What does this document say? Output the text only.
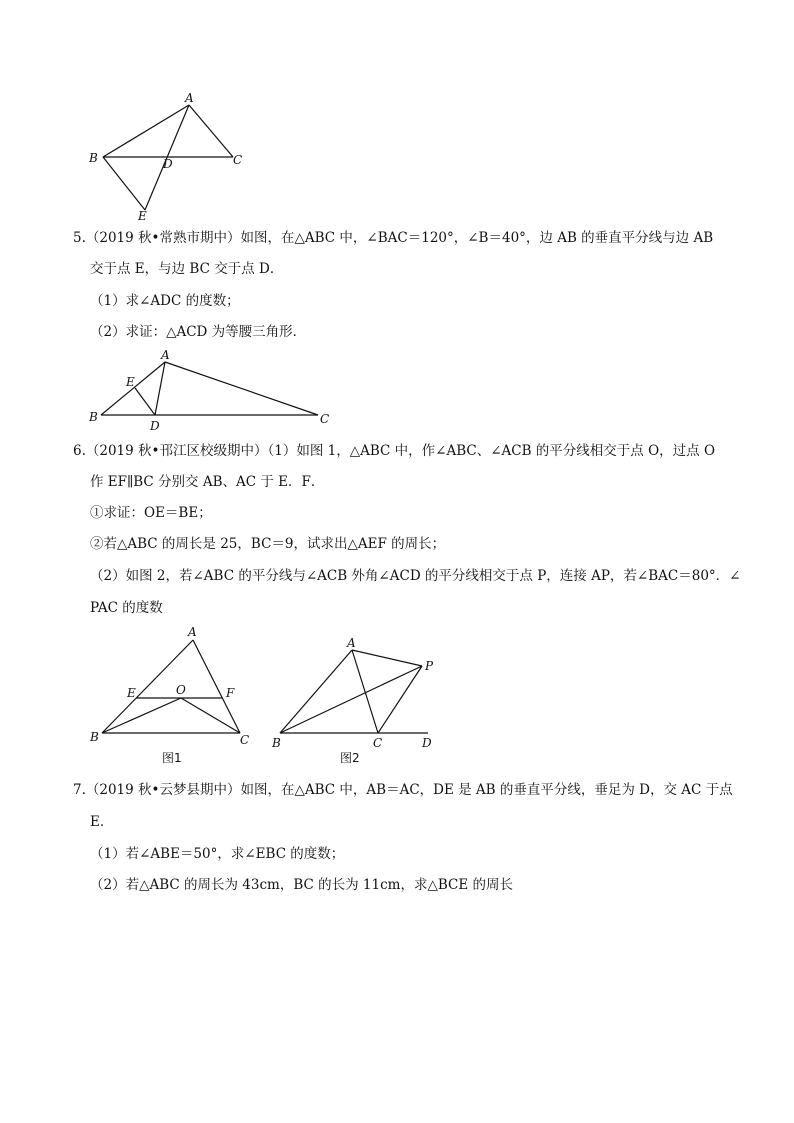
A
B	C
D
E
5.（2019 秋•常熟市期中）如图，在△ABC 中，∠BAC＝120°，∠B＝40°，边 AB 的垂直平分线与边 AB
交于点 E，与边 BC 交于点 D．
（1）求∠ADC 的度数；
（2）求证：△ACD 为等腰三角形．
A
E
B
D	C
6.（2019 秋•邗江区校级期中）（1）如图 1，△ABC 中，作∠ABC、∠ACB 的平分线相交于点 O，过点 O
作 EF∥BC 分别交 AB、AC 于 E．F．
①求证：OE＝BE；
②若△ABC 的周长是 25，BC＝9，试求出△AEF 的周长；
（2）如图 2，若∠ABC 的平分线与∠ACB 外角∠ACD 的平分线相交于点 P，连接 AP，若∠BAC＝80°．∠
PAC 的度数
A
E	O	F
B	C
图1
A
P
B	C	D
图2
7.（2019 秋•云梦县期中）如图，在△ABC 中，AB＝AC，DE 是 AB 的垂直平分线，垂足为 D，交 AC 于点
E．
（1）若∠ABE＝50°，求∠EBC 的度数；
（2）若△ABC 的周长为 43cm，BC 的长为 11cm，求△BCE 的周长
